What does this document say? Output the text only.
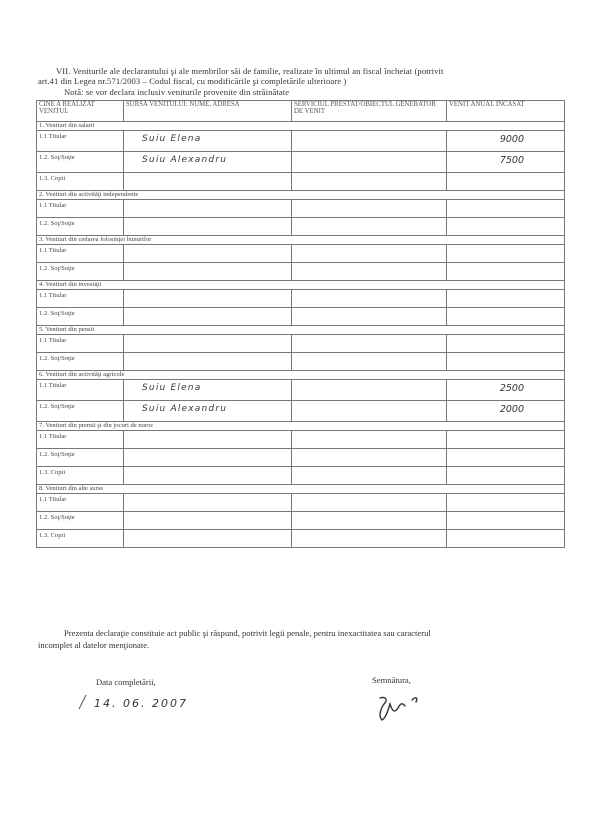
VII. Veniturile ale declarantului şi ale membrilor săi de familie, realizate în ultimul an fiscal încheiat (potrivit
art.41 din Legea nr.571/2003 – Codul fiscal, cu modificările şi completările ulterioare )
Notă: se vor declara inclusiv veniturile provenite din străinătate
CINE A REALIZAT VENITUL	SURSA VENITULUI: NUME, ADRESA	SERVICIUL PRESTAT/OBIECTUL GENERATOR DE VENIT	VENIT ANUAL ÎNCASAT
1. Venituri din salarii			
1.1 Titular	Suiu Elena		9000
1.2. Soţ/Soţie	Suiu Alexandru		7500
1.3. Copii			
2. Venituri din activităţi independente			
1.1 Titular			
1.2. Soţ/Soţie			
3. Venituri din cedarea folosinţei bunurilor			
1.1 Titular			
1.2. Soţ/Soţie			
4. Venituri din investiţii			
1.1 Titular			
1.2. Soţ/Soţie			
5. Venituri din pensii			
1.1 Titular			
1.2. Soţ/Soţie			
6. Venituri din activităţi agricole			
1.1 Titular	Suiu Elena		2500
1.2. Soţ/Soţie	Suiu Alexandru		2000
7. Venituri din premii şi din jocuri de noroc			
1.1 Titular			
1.2. Soţ/Soţie			
1.3. Copii			
8. Venituri din alte surse			
1.1 Titular			
1.2. Soţ/Soţie			
1.3. Copii			
Prezenta declaraţie constituie act public şi răspund, potrivit legii penale, pentru inexactitatea sau caracterul
incomplet al datelor menţionate.
Data completării,
14. 06. 2007
Semnătura,
